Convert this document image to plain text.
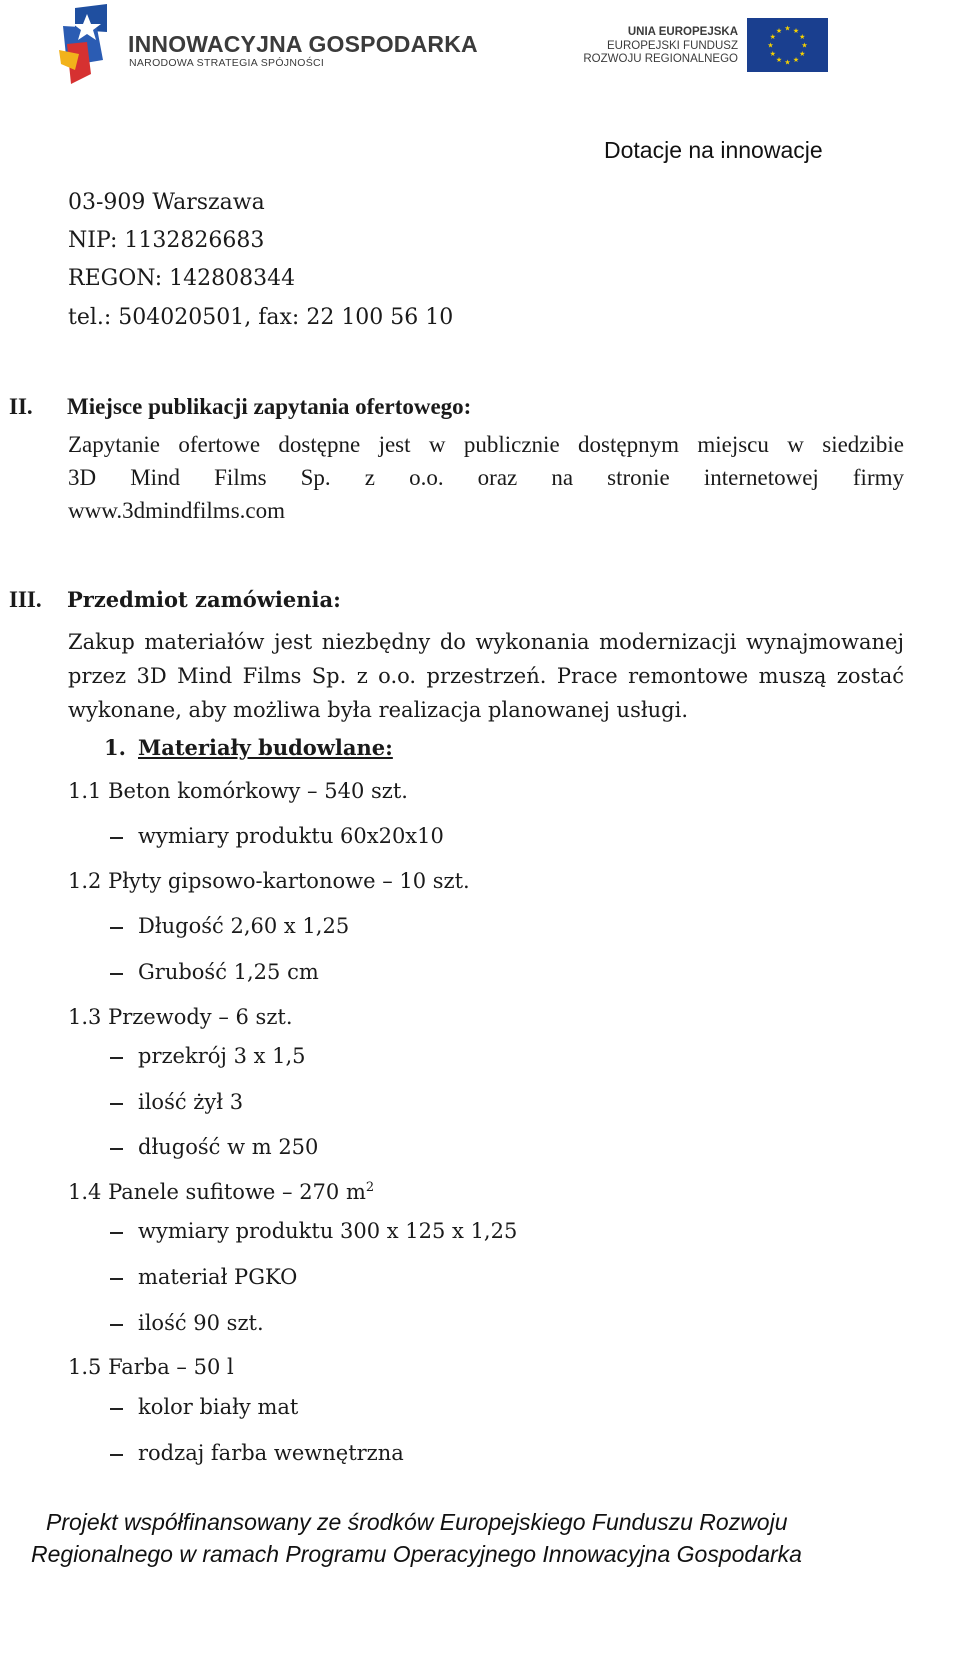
INNOWACYJNA GOSPODARKA
NARODOWA STRATEGIA SPÓJNOŚCI
UNIA EUROPEJSKA
EUROPEJSKI FUNDUSZ
ROZWOJU REGIONALNEGO
★
★
★
★
★
★
★
★
★ ★ ★
★
Dotacje na innowacje
03-909 Warszawa
NIP: 1132826683
REGON: 142808344
tel.: 504020501, fax: 22 100 56 10
II. Miejsce publikacji zapytania ofertowego:
Zapytanie ofertowe dostępne jest w publicznie dostępnym miejscu w siedzibie
3D Mind Films Sp. z o.o. oraz na stronie internetowej firmy
www.3dmindfilms.com
III. Przedmiot zamówienia:
Zakup materiałów jest niezbędny do wykonania modernizacji wynajmowanej
przez 3D Mind Films Sp. z o.o. przestrzeń. Prace remontowe muszą zostać
wykonane, aby możliwa była realizacja planowanej usługi.
1. Materiały budowlane:
1.1 Beton komórkowy – 540 szt.
wymiary produktu 60x20x10
1.2 Płyty gipsowo-kartonowe – 10 szt.
Długość 2,60 x 1,25
Grubość 1,25 cm
1.3 Przewody – 6 szt.
przekrój 3 x 1,5
ilość żył 3
długość w m 250
1.4 Panele sufitowe – 270 $m^2$
wymiary produktu 300 x 125 x 1,25
materiał PGKO
ilość 90 szt.
1.5 Farba – 50 l
kolor biały mat
rodzaj farba wewnętrzna
Projekt współfinansowany ze środków Europejskiego Funduszu Rozwoju
Regionalnego w ramach Programu Operacyjnego Innowacyjna Gospodarka
